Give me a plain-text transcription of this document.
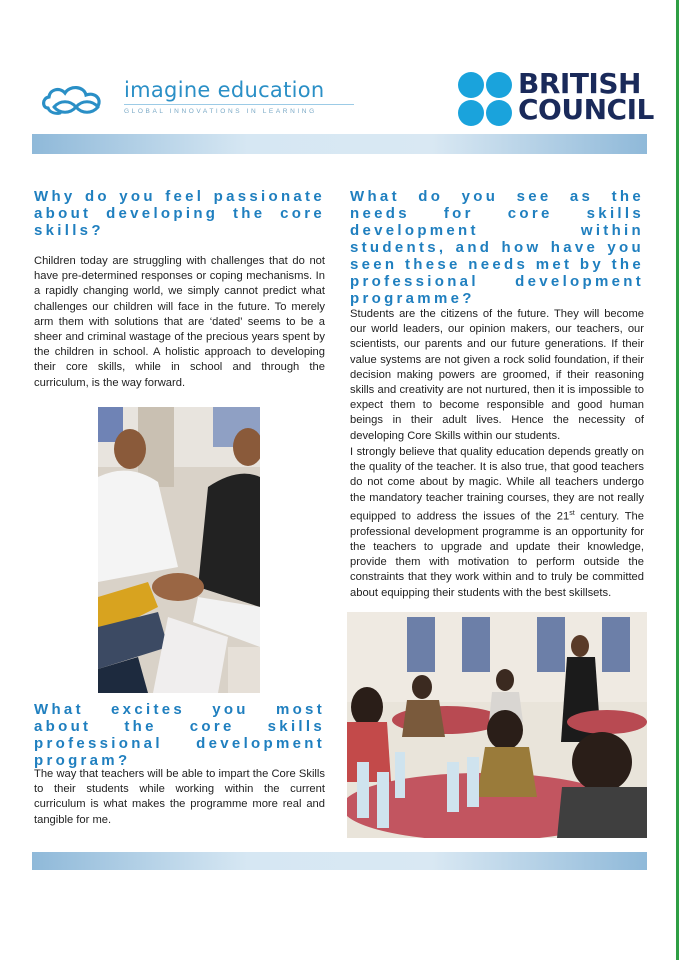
imagine education
GLOBAL INNOVATIONS IN LEARNING
BRITISH
COUNCIL
Why do you feel passionate about developing the core skills?

Children today are struggling with challenges that do not have pre-determined responses or coping mechanisms. In a rapidly changing world, we simply cannot predict what challenges our children will face in the future. To merely arm them with solutions that are ‘dated’ seems to be a sheer and criminal wastage of the precious years spent by the children in school. A holistic approach to developing their core skills, while in school and through the curriculum, is the way forward.

What excites you most about the core skills professional development program?

The way that teachers will be able to impart the Core Skills to their students while working within the current curriculum is what makes the programme more real and tangible for me.

What do you see as the needs for core skills development within students, and how have you seen these needs met by the professional development programme?

Students are the citizens of the future. They will become our world leaders, our opinion makers, our teachers, our scientists, our parents and our future generations. If their value systems are not given a rock solid foundation, if their decision making powers are groomed, if their reasoning skills and creativity are not nurtured, then it is impossible to expect them to become responsible and good human beings in their adult lives. Hence the necessity of developing Core Skills within our students.

I strongly believe that quality education depends greatly on the quality of the teacher. It is also true, that good teachers do not come about by magic. While all teachers undergo the mandatory teacher training courses, they are not really equipped to address the issues of the 21st century. The professional development programme is an opportunity for the teachers to upgrade and update their knowledge, provide them with motivation to perform outside the constraints that they work within and to truly be committed about equipping their students with the best skillsets.
